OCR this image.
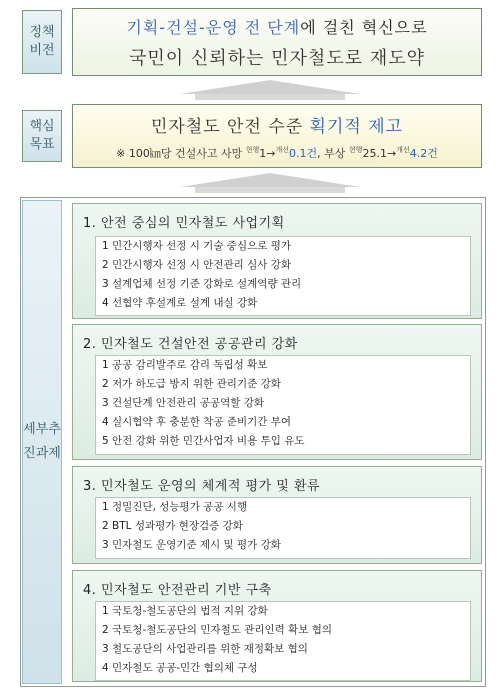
정책
비전
기획-건설-운영 전 단계에 걸친 혁신으로
국민이 신뢰하는 민자철도로 재도약
핵심
목표
민자철도 안전 수준 획기적 제고
※ 100㎞당 건설사고 사망 $^{현행}$1→$^{개선}$0.1건, 부상 $^{현행}$25.1→$^{개선}$4.2건
세부추
진과제
1. 안전 중심의 민자철도 사업기획
1 민간시행자 선정 시 기술 중심으로 평가
2 민간시행자 선정 시 안전관리 심사 강화
3 설계업체 선정 기준 강화로 설계역량 관리
4 선협약 후설계로 설계 내실 강화
2. 민자철도 건설안전 공공관리 강화
1 공공 감리발주로 감리 독립성 확보
2 저가 하도급 방지 위한 관리기준 강화
3 건설단계 안전관리 공공역할 강화
4 실시협약 후 충분한 착공 준비기간 부여
5 안전 강화 위한 민간사업자 비용 투입 유도
3. 민자철도 운영의 체계적 평가 및 환류
1 정밀진단, 성능평가 공공 시행
2 BTL 성과평가 현장검증 강화
3 민자철도 운영기준 제시 및 평가 강화
4. 민자철도 안전관리 기반 구축
1 국토청-철도공단의 법적 지위 강화
2 국토청-철도공단의 민자철도 관리인력 확보 협의
3 철도공단의 사업관리를 위한 재정확보 협의
4 민자철도 공공-민간 협의체 구성
